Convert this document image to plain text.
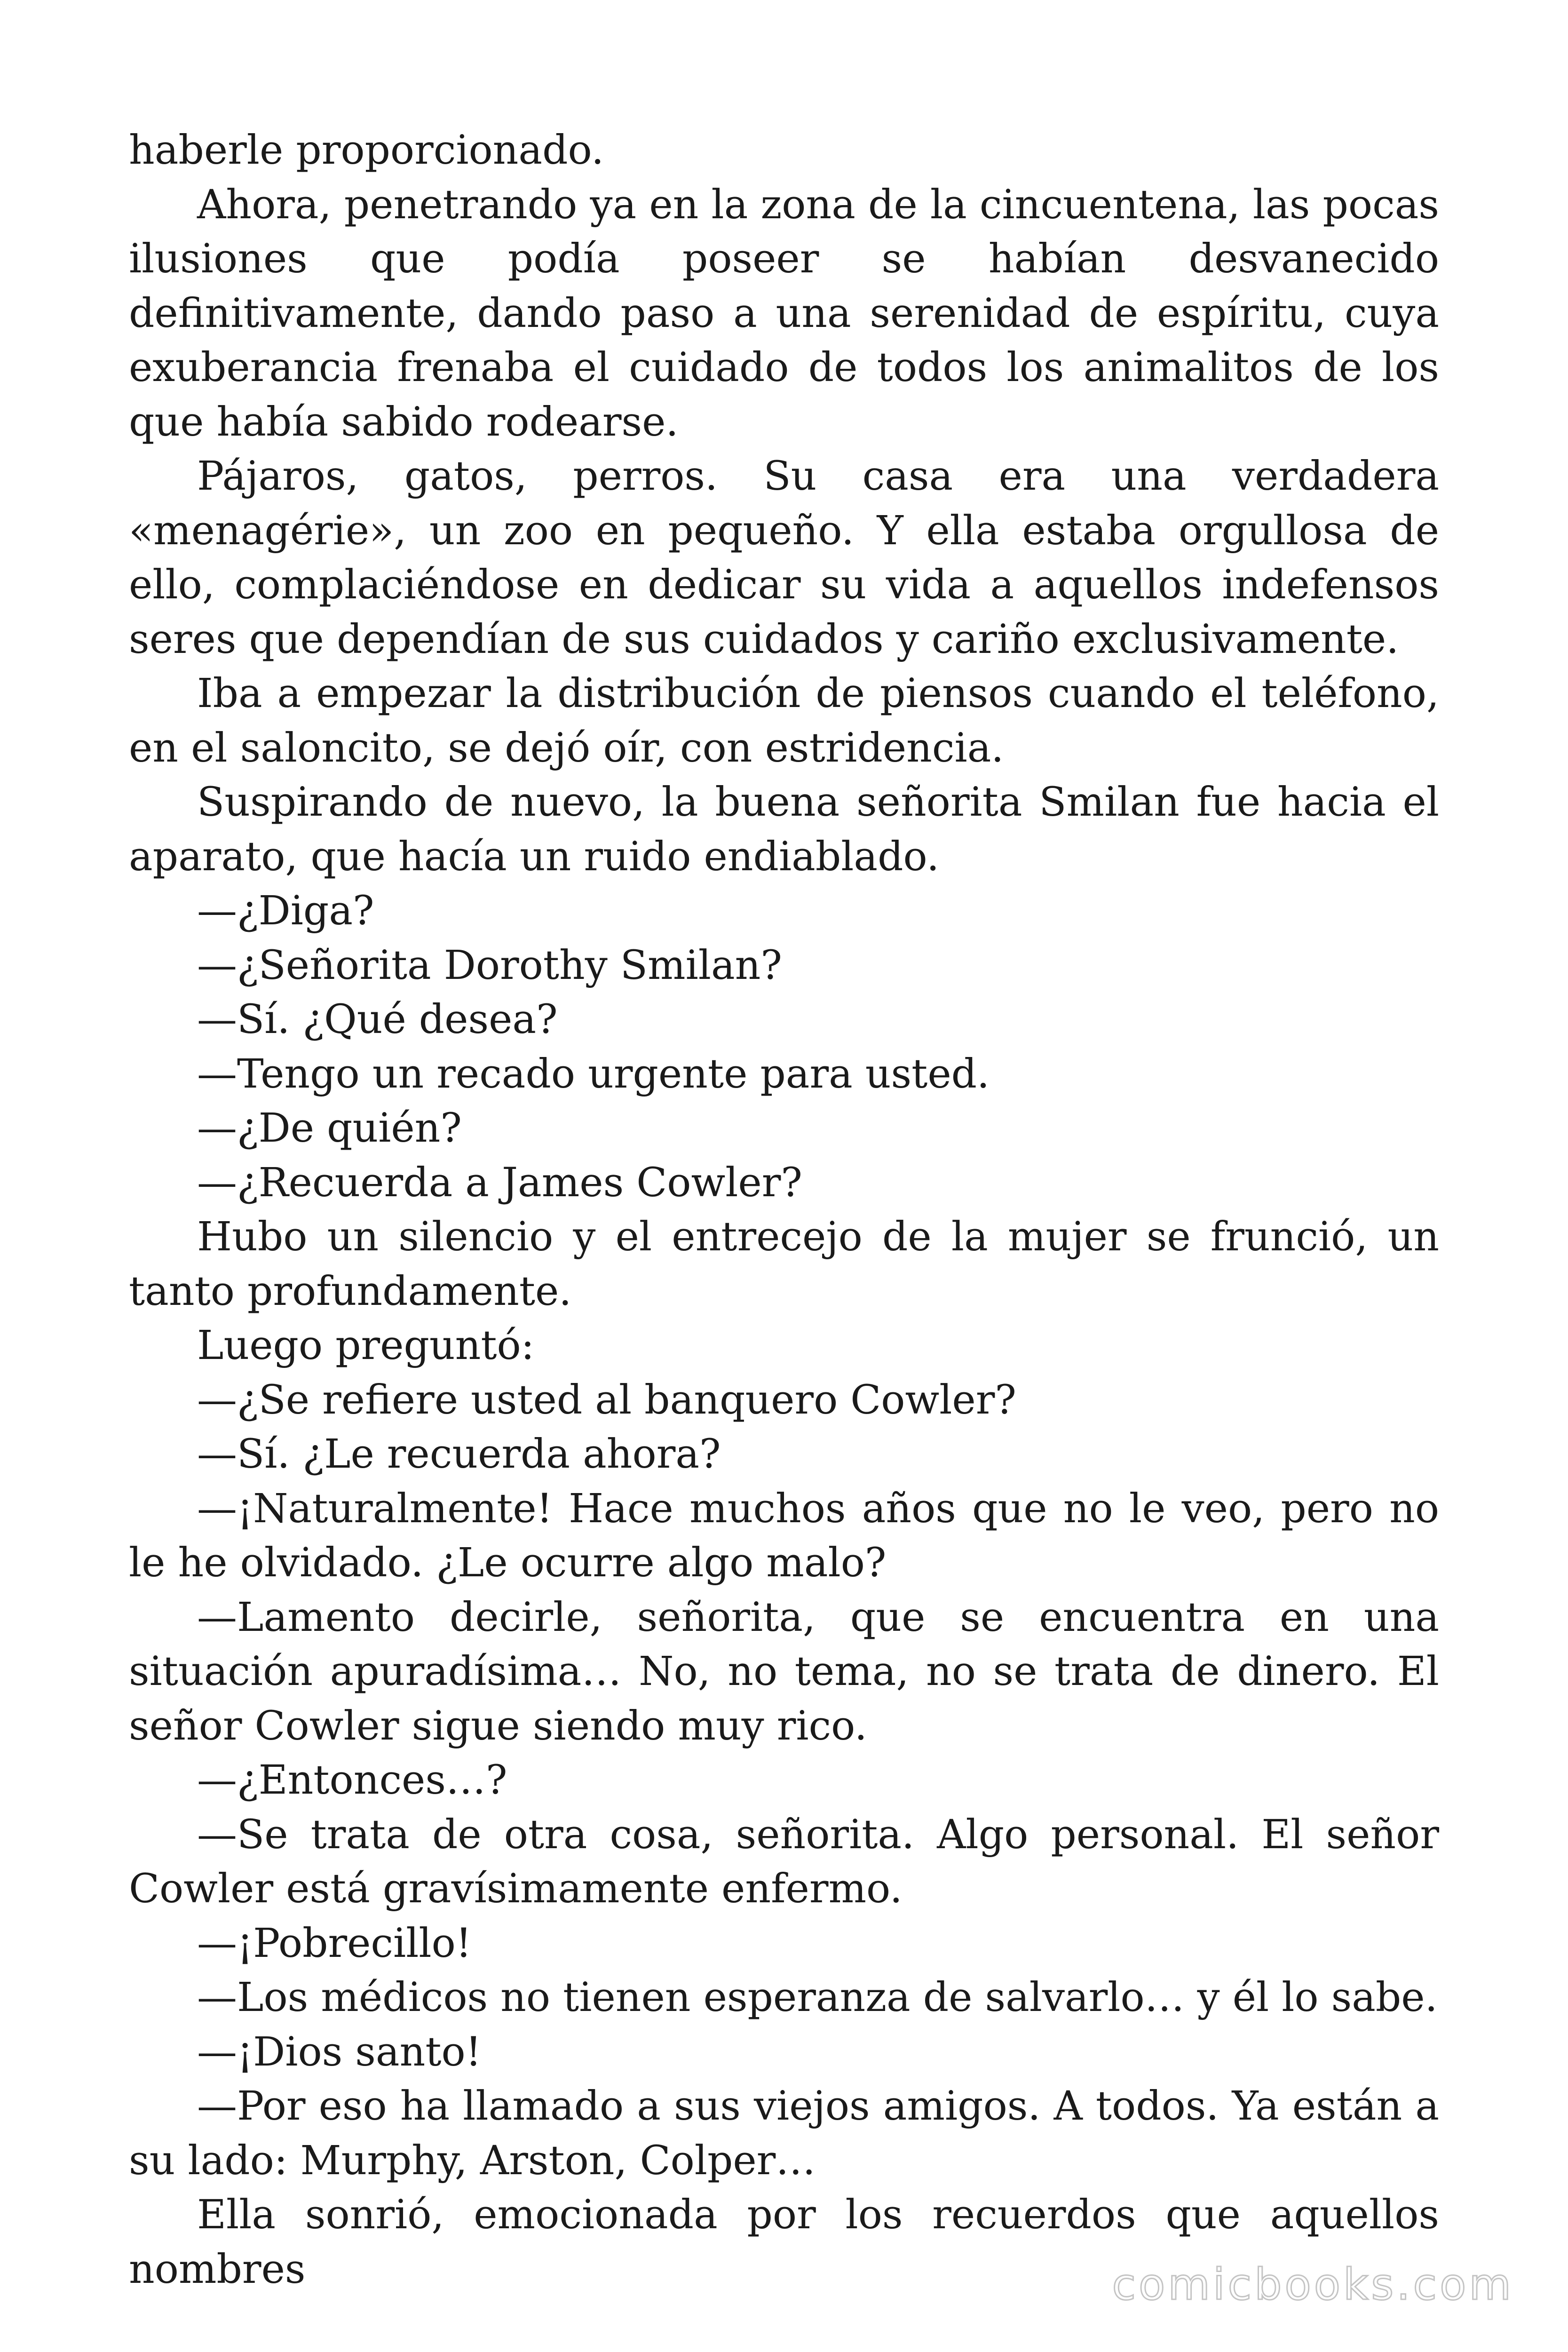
haberle proporcionado.

Ahora, penetrando ya en la zona de la cincuentena, las pocas ilusiones que podía poseer se habían desvanecido definitivamente, dando paso a una serenidad de espíritu, cuya exuberancia frenaba el cuidado de todos los animalitos de los que había sabido rodearse.

Pájaros, gatos, perros. Su casa era una verdadera «menagérie», un zoo en pequeño. Y ella estaba orgullosa de ello, complaciéndose en dedicar su vida a aquellos indefensos seres que dependían de sus cuidados y cariño exclusivamente.

Iba a empezar la distribución de piensos cuando el teléfono, en el saloncito, se dejó oír, con estridencia.

Suspirando de nuevo, la buena señorita Smilan fue hacia el aparato, que hacía un ruido endiablado.

—¿Diga?

—¿Señorita Dorothy Smilan?

—Sí. ¿Qué desea?

—Tengo un recado urgente para usted.

—¿De quién?

—¿Recuerda a James Cowler?

Hubo un silencio y el entrecejo de la mujer se frunció, un tanto profundamente.

Luego preguntó:

—¿Se refiere usted al banquero Cowler?

—Sí. ¿Le recuerda ahora?

—¡Naturalmente! Hace muchos años que no le veo, pero no le he olvidado. ¿Le ocurre algo malo?

—Lamento decirle, señorita, que se encuentra en una situación apuradísima… No, no tema, no se trata de dinero. El señor Cowler sigue siendo muy rico.

—¿Entonces…?

—Se trata de otra cosa, señorita. Algo personal. El señor Cowler está gravísimamente enfermo.

—¡Pobrecillo!

—Los médicos no tienen esperanza de salvarlo… y él lo sabe.

—¡Dios santo!

—Por eso ha llamado a sus viejos amigos. A todos. Ya están a su lado: Murphy, Arston, Colper…

Ella sonrió, emocionada por los recuerdos que aquellos nombres	comicbooks.com
